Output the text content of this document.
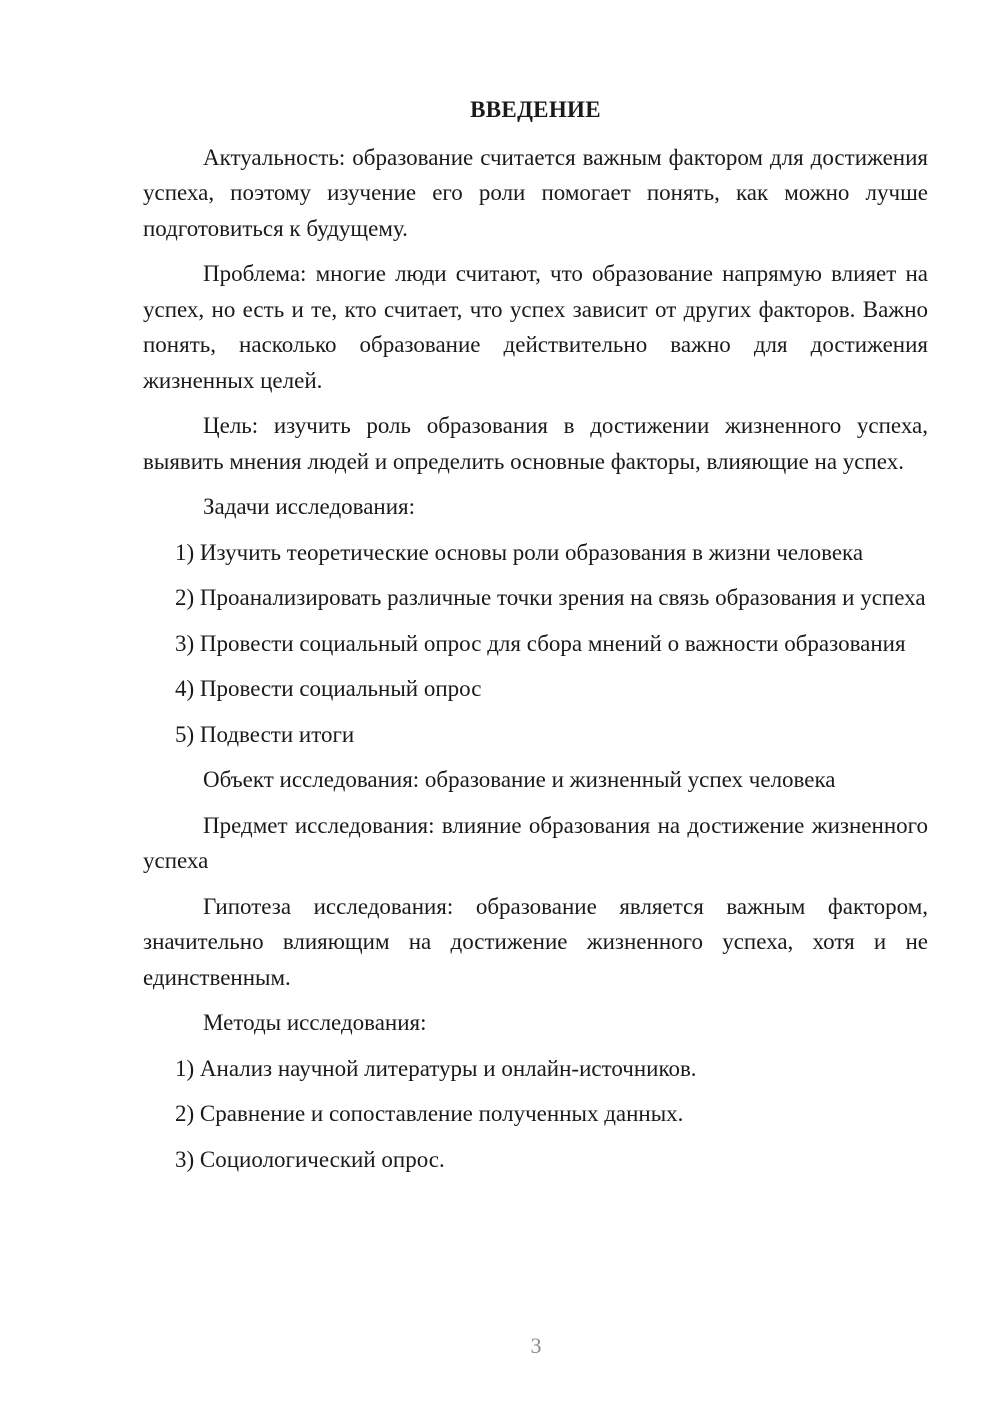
ВВЕДЕНИЕ

Актуальность: образование считается важным фактором для достижения успеха, поэтому изучение его роли помогает понять, как можно лучше подготовиться к будущему.

Проблема: многие люди считают, что образование напрямую влияет на успех, но есть и те, кто считает, что успех зависит от других факторов. Важно понять, насколько образование действительно важно для достижения жизненных целей.

Цель: изучить роль образования в достижении жизненного успеха, выявить мнения людей и определить основные факторы, влияющие на успех.

Задачи исследования:

1) Изучить теоретические основы роли образования в жизни человека

2) Проанализировать различные точки зрения на связь образования и успеха

3) Провести социальный опрос для сбора мнений о важности образования

4) Провести социальный опрос

5) Подвести итоги

Объект исследования: образование и жизненный успех человека

Предмет исследования: влияние образования на достижение жизненного успеха

Гипотеза исследования: образование является важным фактором, значительно влияющим на достижение жизненного успеха, хотя и не единственным.

Методы исследования:

1) Анализ научной литературы и онлайн-источников.

2) Сравнение и сопоставление полученных данных.

3) Социологический опрос.

3
